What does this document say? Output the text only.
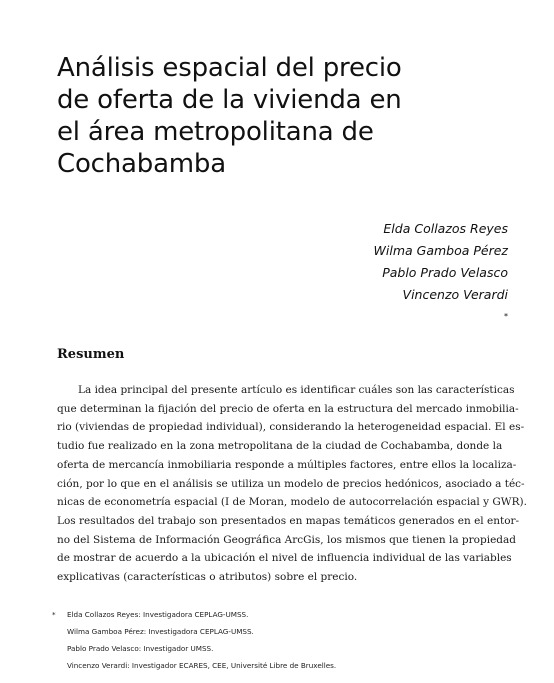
Análisis espacial del precio
de oferta de la vivienda en
el área metropolitana de
Cochabamba
Elda Collazos Reyes
Wilma Gamboa Pérez
Pablo Prado Velasco
Vincenzo Verardi
*
Resumen
La idea principal del presente artículo es identificar cuáles son las características
que determinan la fijación del precio de oferta en la estructura del mercado inmobilia-
rio (viviendas de propiedad individual), considerando la heterogeneidad espacial. El es-
tudio fue realizado en la zona metropolitana de la ciudad de Cochabamba, donde la
oferta de mercancía inmobiliaria responde a múltiples factores, entre ellos la localiza-
ción, por lo que en el análisis se utiliza un modelo de precios hedónicos, asociado a téc-
nicas de econometría espacial (I de Moran, modelo de autocorrelación espacial y GWR).
Los resultados del trabajo son presentados en mapas temáticos generados en el entor-
no del Sistema de Información Geográfica ArcGis, los mismos que tienen la propiedad
de mostrar de acuerdo a la ubicación el nivel de influencia individual de las variables
explicativas (características o atributos) sobre el precio.
* Elda Collazos Reyes: Investigadora CEPLAG-UMSS.
Wilma Gamboa Pérez: Investigadora CEPLAG-UMSS.
Pablo Prado Velasco: Investigador UMSS.
Vincenzo Verardi: Investigador ECARES, CEE, Université Libre de Bruxelles.
